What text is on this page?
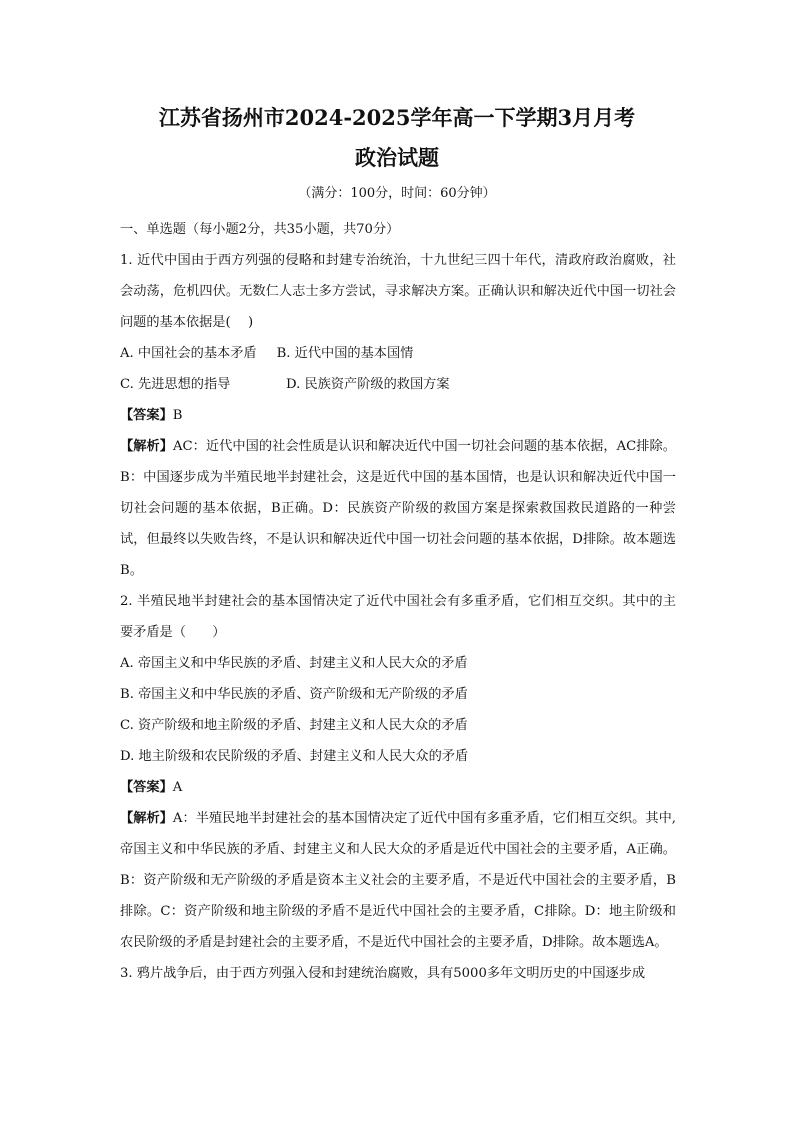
江苏省扬州市2024-2025学年高一下学期3月月考
政治试题
（满分：100分，时间：60分钟）

一、单选题（每小题2分，共35小题，共70分）

1. 近代中国由于西方列强的侵略和封建专治统治，十九世纪三四十年代，清政府政治腐败，社会动荡，危机四伏。无数仁人志士多方尝试，寻求解决方案。正确认识和解决近代中国一切社会问题的基本依据是(　 )

A. 中国社会的基本矛盾 B. 近代中国的基本国情
C. 先进思想的指导	D. 民族资产阶级的救国方案

【答案】B

【解析】AC：近代中国的社会性质是认识和解决近代中国一切社会问题的基本依据，AC排除。B：中国逐步成为半殖民地半封建社会，这是近代中国的基本国情，也是认识和解决近代中国一切社会问题的基本依据，B正确。D：民族资产阶级的救国方案是探索救国救民道路的一种尝试，但最终以失败告终，不是认识和解决近代中国一切社会问题的基本依据，D排除。故本题选B。

2. 半殖民地半封建社会的基本国情决定了近代中国社会有多重矛盾，它们相互交织。其中的主要矛盾是（　　）

A. 帝国主义和中华民族的矛盾、封建主义和人民大众的矛盾

B. 帝国主义和中华民族的矛盾、资产阶级和无产阶级的矛盾

C. 资产阶级和地主阶级的矛盾、封建主义和人民大众的矛盾

D. 地主阶级和农民阶级的矛盾、封建主义和人民大众的矛盾

【答案】A

【解析】A：半殖民地半封建社会的基本国情决定了近代中国有多重矛盾，它们相互交织。其中,帝国主义和中华民族的矛盾、封建主义和人民大众的矛盾是近代中国社会的主要矛盾，A正确。B：资产阶级和无产阶级的矛盾是资本主义社会的主要矛盾，不是近代中国社会的主要矛盾，B排除。C：资产阶级和地主阶级的矛盾不是近代中国社会的主要矛盾，C排除。D：地主阶级和农民阶级的矛盾是封建社会的主要矛盾，不是近代中国社会的主要矛盾，D排除。故本题选A。

3. 鸦片战争后，由于西方列强入侵和封建统治腐败，具有5000多年文明历史的中国逐步成
